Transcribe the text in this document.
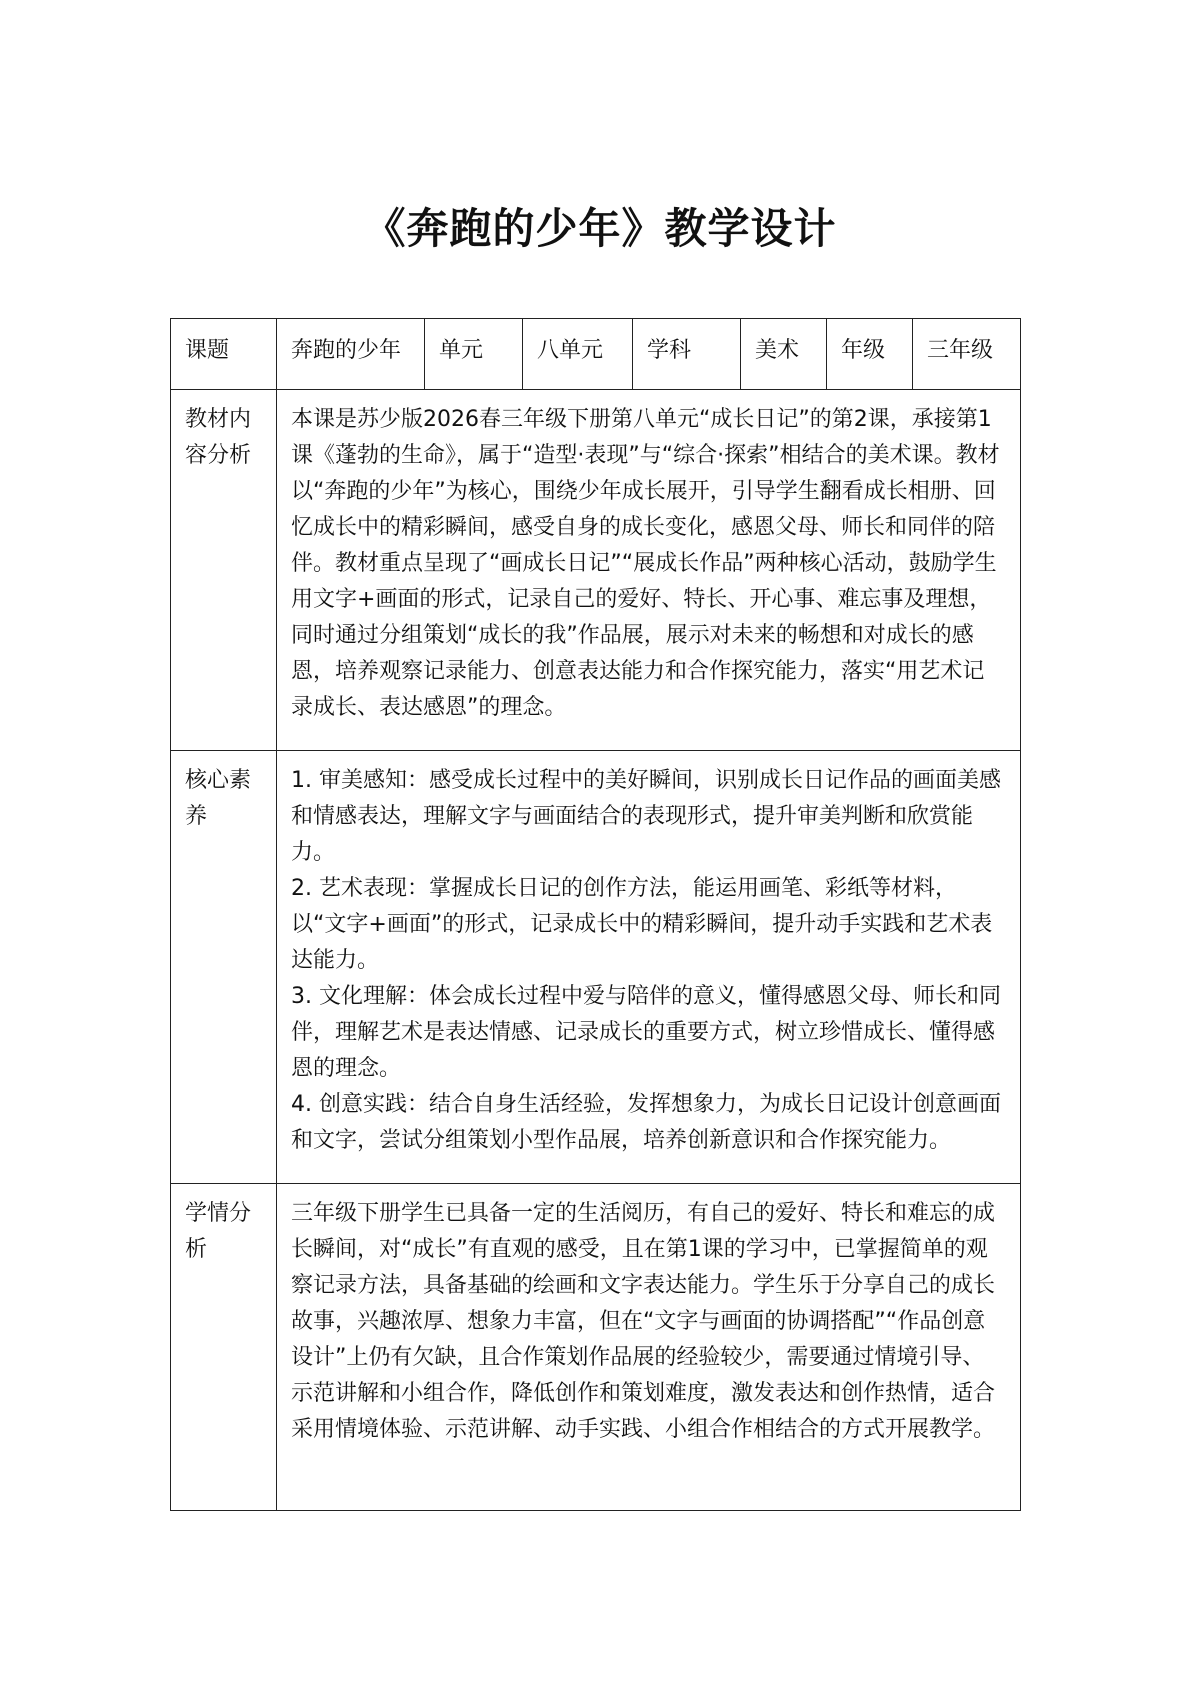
《奔跑的少年》教学设计
课题	奔跑的少年	单元	八单元	学科	美术	年级	三年级
教材内容分析	本课是苏少版2026春三年级下册第八单元“成长日记”的第2课，承接第1课《蓬勃的生命》，属于“造型·表现”与“综合·探索”相结合的美术课。教材以“奔跑的少年”为核心，围绕少年成长展开，引导学生翻看成长相册、回忆成长中的精彩瞬间，感受自身的成长变化，感恩父母、师长和同伴的陪伴。教材重点呈现了“画成长日记”“展成长作品”两种核心活动，鼓励学生用文字+画面的形式，记录自己的爱好、特长、开心事、难忘事及理想，同时通过分组策划“成长的我”作品展，展示对未来的畅想和对成长的感恩，培养观察记录能力、创意表达能力和合作探究能力，落实“用艺术记录成长、表达感恩”的理念。						

核心素养	1. 审美感知：感受成长过程中的美好瞬间，识别成长日记作品的画面美感和情感表达，理解文字与画面结合的表现形式，提升审美判断和欣赏能力。

2. 艺术表现：掌握成长日记的创作方法，能运用画笔、彩纸等材料，以“文字+画面”的形式，记录成长中的精彩瞬间，提升动手实践和艺术表达能力。

3. 文化理解：体会成长过程中爱与陪伴的意义，懂得感恩父母、师长和同伴，理解艺术是表达情感、记录成长的重要方式，树立珍惜成长、懂得感恩的理念。

4. 创意实践：结合自身生活经验，发挥想象力，为成长日记设计创意画面和文字，尝试分组策划小型作品展，培养创新意识和合作探究能力。						

学情分析	三年级下册学生已具备一定的生活阅历，有自己的爱好、特长和难忘的成长瞬间，对“成长”有直观的感受，且在第1课的学习中，已掌握简单的观察记录方法，具备基础的绘画和文字表达能力。学生乐于分享自己的成长故事，兴趣浓厚、想象力丰富，但在“文字与画面的协调搭配”“作品创意设计”上仍有欠缺，且合作策划作品展的经验较少，需要通过情境引导、示范讲解和小组合作，降低创作和策划难度，激发表达和创作热情，适合采用情境体验、示范讲解、动手实践、小组合作相结合的方式开展教学。						
